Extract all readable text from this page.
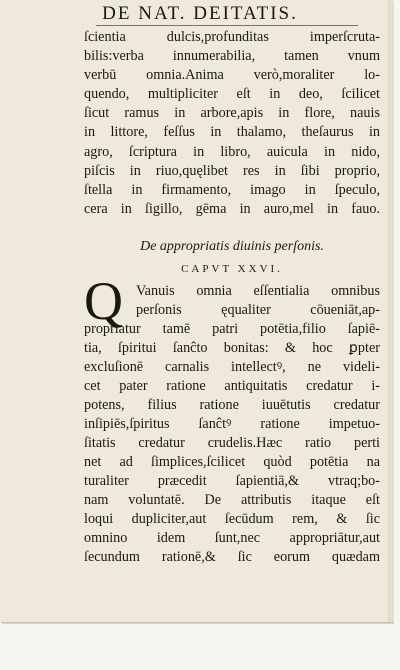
DE NAT. DEITATIS.
ſcientia dulcis,profunditas imperſcruta-
bilis:verba innumerabilia, tamen vnum
verbū omnia.Anima verò,moraliter lo-
quendo, multipliciter eſt in deo, ſcilicet
ſicut ramus in arbore,apis in flore, nauis
in littore, feſſus in thalamo, theſaurus in
agro, ſcriptura in libro, auicula in nido,
piſcis in riuo,quęlibet res in ſibi proprio,
ſtella in firmamento, imago in ſpeculo,
cera in ſigillo, gēma in auro,mel in fauo.
De appropriatis diuinis perſonis.
CAPVT XXVI.
Q Vanuis omnia eſſentialia omnibus
perſonis ęqualiter cōueniāt,ap-
propriatur tamē patri potētia,filio ſapiē-
tia, ſpiritui ſanĉto bonitas: & hoc ꝑpter
excluſionē carnalis intellectꝰ, ne videli-
cet pater ratione antiquitatis credatur i-
potens, filius ratione iuuētutis credatur
inſipiēs,ſpiritus ſanĉtꝰ ratione impetuo-
ſitatis credatur crudelis.Hæc ratio perti
net ad ſimplices,ſcilicet quòd potētia na
turaliter præcedit ſapientiā,& vtraq;bo-
nam voluntatē. De attributis itaque eſt
loqui dupliciter,aut ſecūdum rem, & ſic
omnino idem ſunt,nec appropriātur,aut
ſecundum rationē,& ſic eorum quædam
